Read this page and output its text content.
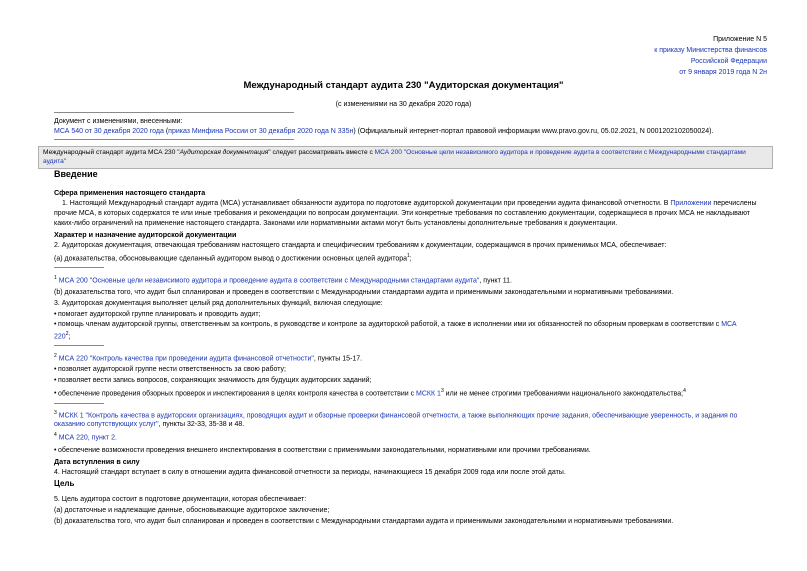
Приложение N 5
к приказу Министерства финансов
Российской Федерации
от 9 января 2019 года N 2н
Международный стандарт аудита 230 "Аудиторская документация"
(с изменениями на 30 декабря 2020 года)
Документ с изменениями, внесенными:
МСА 540 от 30 декабря 2020 года (приказ Минфина России от 30 декабря 2020 года N 335н) (Официальный интернет-портал правовой информации www.pravo.gov.ru, 05.02.2021, N 0001202102050024).
Международный стандарт аудита МСА 230 "Аудиторская документация" следует рассматривать вместе с МСА 200 "Основные цели независимого аудитора и проведение аудита в соответствии с Международными стандартами аудита"
Введение
Сфера применения настоящего стандарта
1. Настоящий Международный стандарт аудита (МСА) устанавливает обязанности аудитора по подготовке аудиторской документации при проведении аудита финансовой отчетности. В Приложении перечислены
прочие МСА, в которых содержатся те или иные требования и рекомендации по вопросам документации. Эти конкретные требования по составлению документации, содержащиеся в прочих МСА не накладывают
каких-либо ограничений на применение настоящего стандарта. Законами или нормативными актами могут быть установлены дополнительные требования к документации.
Характер и назначение аудиторской документации
2. Аудиторская документация, отвечающая требованиям настоящего стандарта и специфическим требованиям к документации, содержащимся в прочих применимых МСА, обеспечивает:
(a) доказательства, обосновывающие сделанный аудитором вывод о достижении основных целей аудитора$^1$;
$^1$ МСА 200 "Основные цели независимого аудитора и проведение аудита в соответствии с Международными стандартами аудита", пункт 11.
(b) доказательства того, что аудит был спланирован и проведен в соответствии с Международными стандартами аудита и применимыми законодательными и нормативными требованиями.
3. Аудиторская документация выполняет целый ряд дополнительных функций, включая следующие:
• помогает аудиторской группе планировать и проводить аудит;
• помощь членам аудиторской группы, ответственным за контроль, в руководстве и контроле за аудиторской работой, а также в исполнении ими их обязанностей по обзорным проверкам в соответствии с МСА
$220^2$;
$^2$ МСА 220 "Контроль качества при проведении аудита финансовой отчетности", пункты 15-17.
• позволяет аудиторской группе нести ответственность за свою работу;
• позволяет вести запись вопросов, сохраняющих значимость для будущих аудиторских заданий;
• обеспечение проведения обзорных проверок и инспектирования в целях контроля качества в соответствии с МСКК $1^3$ или не менее строгими требованиями национального законодательства;$^4$
$^3$ МСКК 1 "Контроль качества в аудиторских организациях, проводящих аудит и обзорные проверки финансовой отчетности, а также выполняющих прочие задания, обеспечивающие уверенность, и задания по
оказанию сопутствующих услуг", пункты 32-33, 35-38 и 48.
$^4$ МСА 220, пункт 2.
• обеспечение возможности проведения внешнего инспектирования в соответствии с применимыми законодательными, нормативными или прочими требованиями.
Дата вступления в силу
4. Настоящий стандарт вступает в силу в отношении аудита финансовой отчетности за периоды, начинающиеся 15 декабря 2009 года или после этой даты.
Цель
5. Цель аудитора состоит в подготовке документации, которая обеспечивает:
(a) достаточные и надлежащие данные, обосновывающие аудиторское заключение;
(b) доказательства того, что аудит был спланирован и проведен в соответствии с Международными стандартами аудита и применимыми законодательными и нормативными требованиями.
